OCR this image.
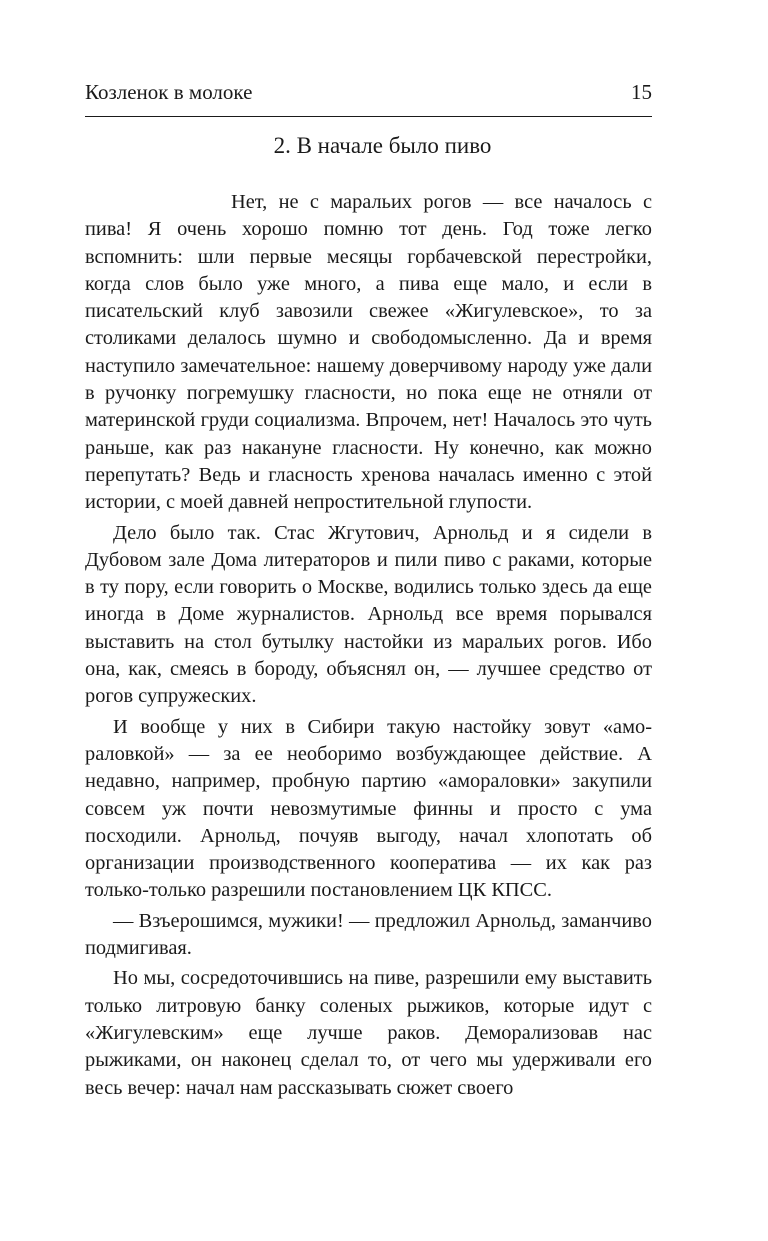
Козленок в молоке	15
2. В начале было пиво

Нет, не с маральих рогов — все началось с пива! Я очень хорошо помню тот день. Год тоже легко вспомнить: шли первые месяцы горбачевской перестройки, когда слов было уже много, а пива еще мало, и если в писательский клуб завозили свежее «Жигулевское», то за столиками делалось шумно и свободомысленно. Да и время наступило замечательное: нашему доверчивому народу уже дали в ручонку погремушку гласности, но пока еще не отняли от материнской груди социализма. Впрочем, нет! Началось это чуть раньше, как раз накануне гласности. Ну конечно, как можно перепутать? Ведь и гласность хренова началась именно с этой истории, с моей давней непростительной глупости.

Дело было так. Стас Жгутович, Арнольд и я сидели в Дубовом зале Дома литераторов и пили пиво с раками, которые в ту пору, если говорить о Москве, водились только здесь да еще иногда в Доме журналистов. Арнольд все время порывался выставить на стол бутылку настойки из маральих рогов. Ибо она, как, смеясь в бороду, объяснял он, — лучшее средство от рогов супружеских.

И вообще у них в Сибири такую настойку зовут «амораловкой» — за ее необоримо возбуждающее действие. А недавно, например, пробную партию «амораловки» закупили совсем уж почти невозмутимые финны и просто с ума посходили. Арнольд, почуяв выгоду, начал хлопотать об организации производственного кооператива — их как раз только-только разрешили постановлением ЦК КПСС.

— Взъерошимся, мужики! — предложил Арнольд, заманчиво подмигивая.

Но мы, сосредоточившись на пиве, разрешили ему выставить только литровую банку соленых рыжиков, которые идут с «Жигулевским» еще лучше раков. Деморализовав нас рыжиками, он наконец сделал то, от чего мы удерживали его весь вечер: начал нам рассказывать сюжет своего
